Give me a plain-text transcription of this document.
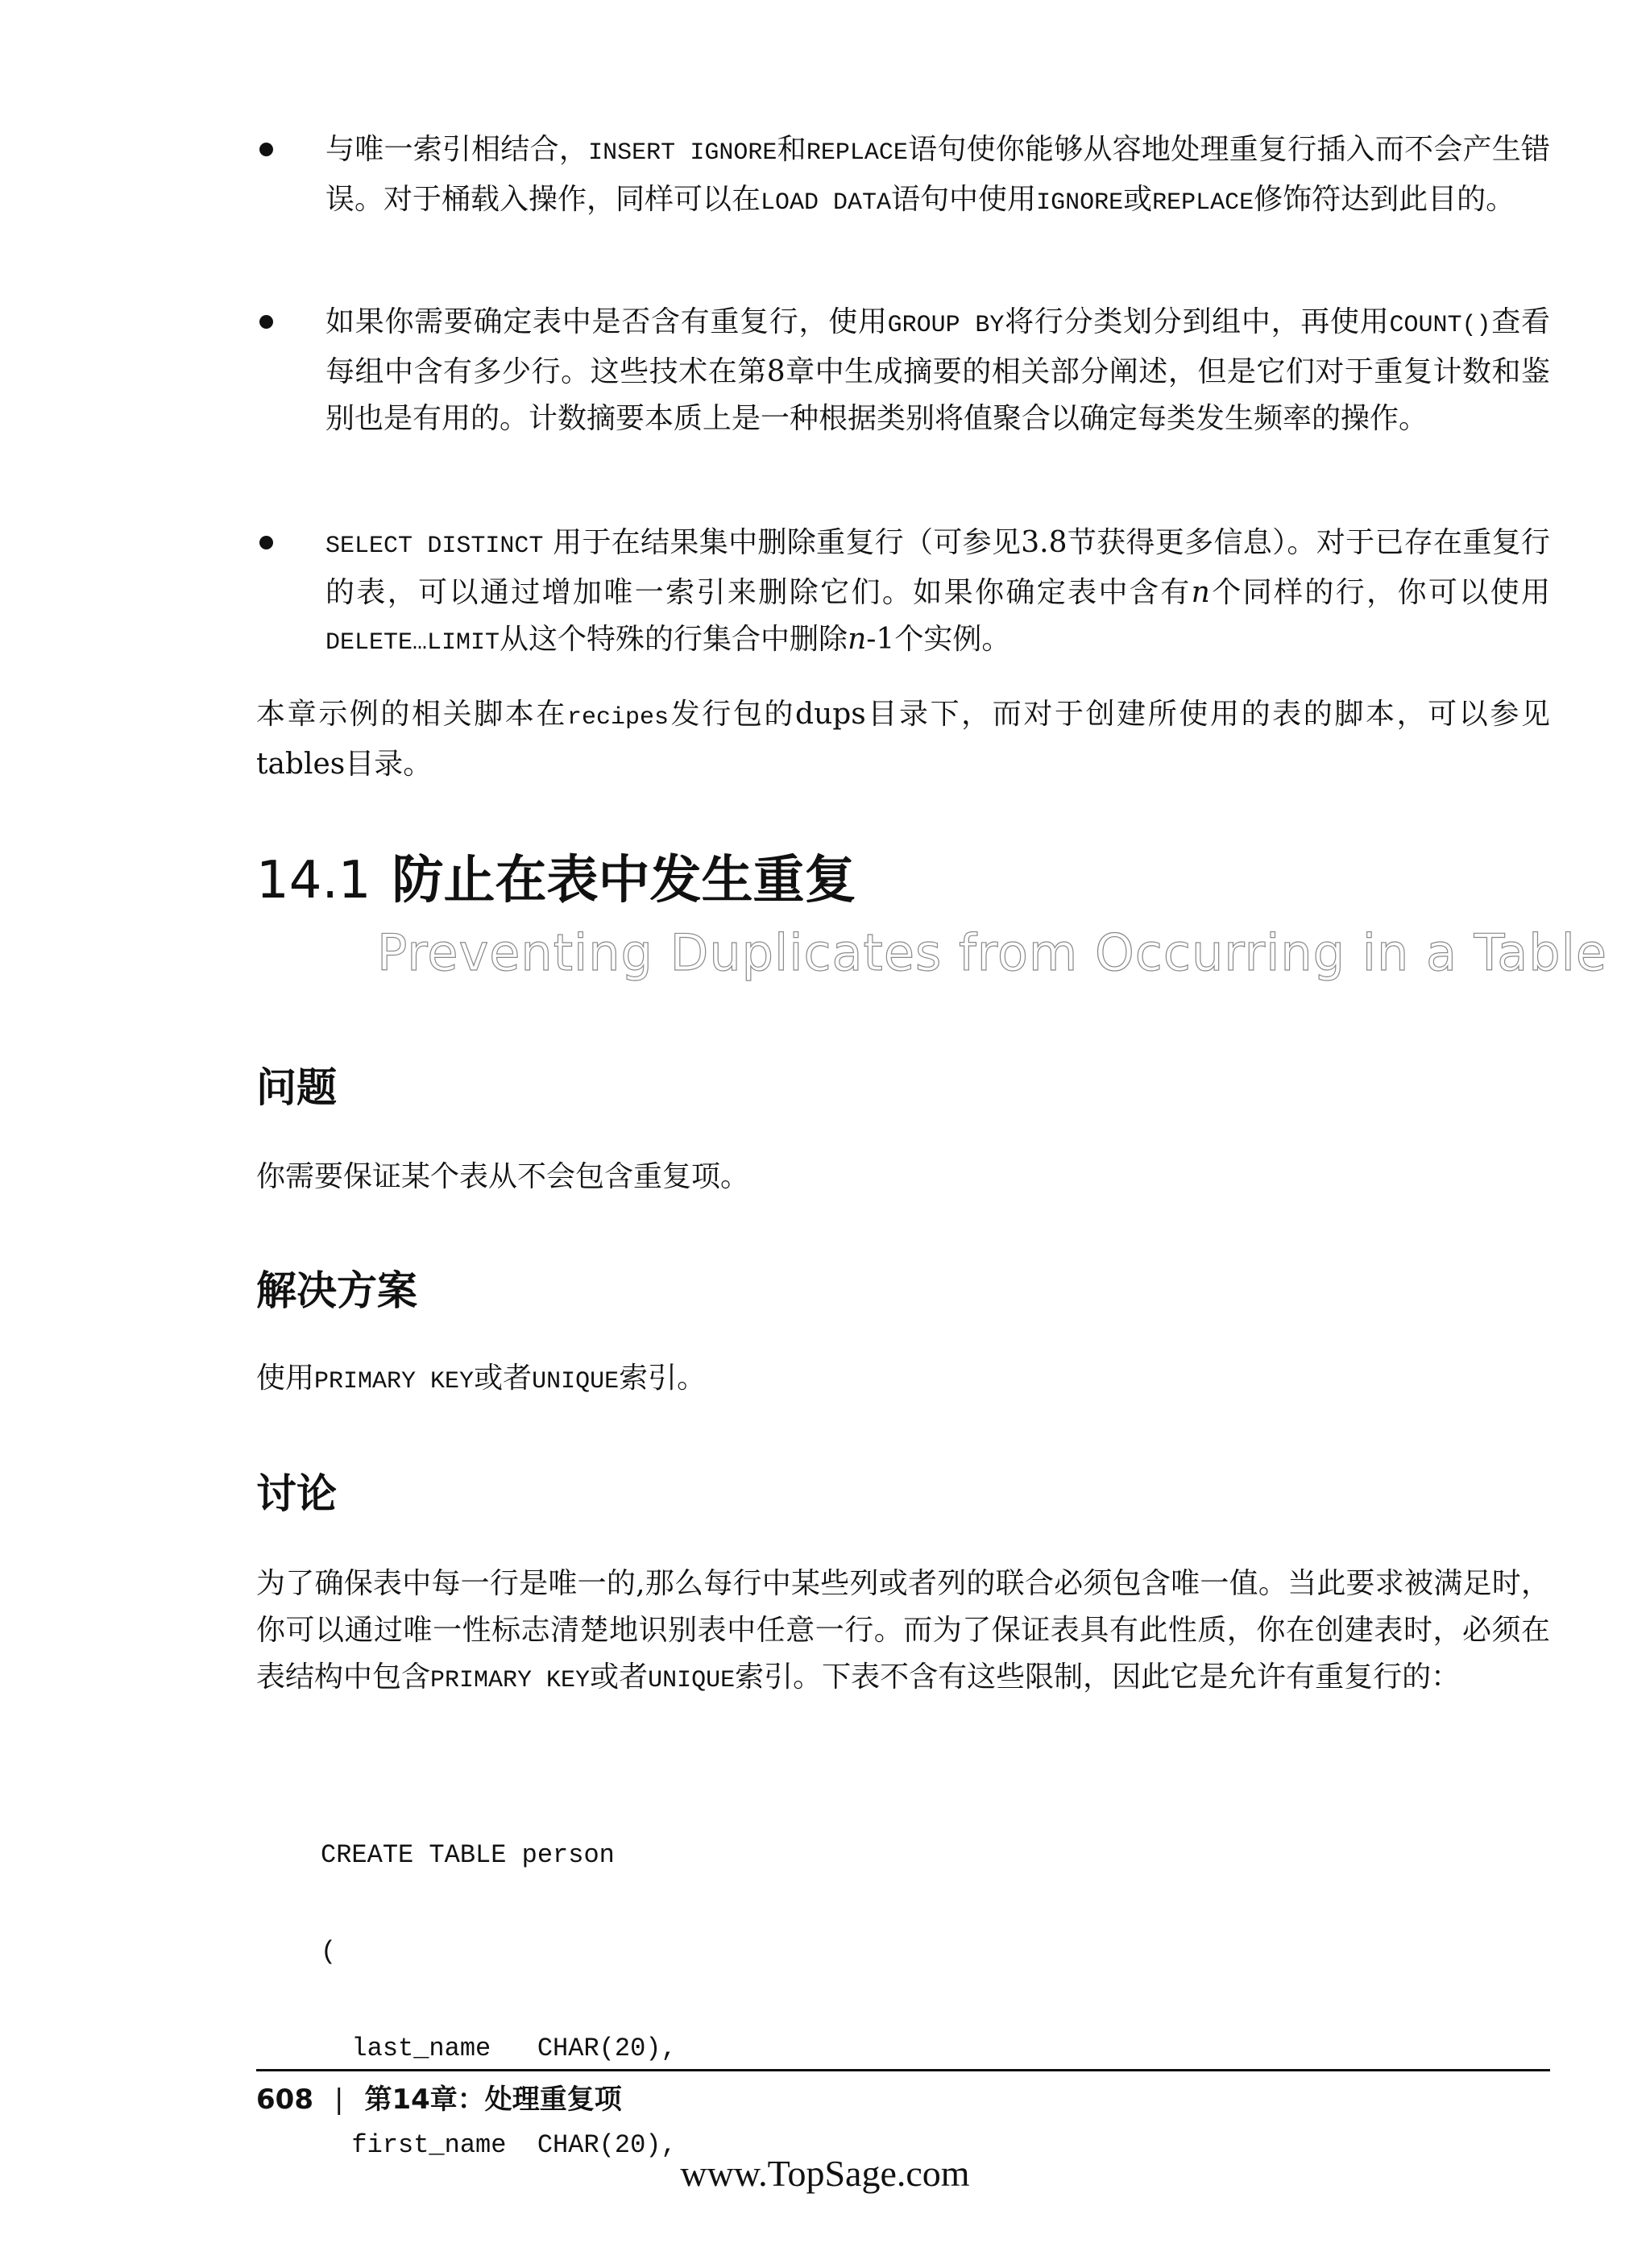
与唯一索引相结合，INSERT IGNORE和REPLACE语句使你能够从容地处理重复行插入而不会产生错误。对于桶载入操作，同样可以在LOAD DATA语句中使用IGNORE或REPLACE修饰符达到此目的。
如果你需要确定表中是否含有重复行，使用GROUP BY将行分类划分到组中，再使用COUNT()查看每组中含有多少行。这些技术在第8章中生成摘要的相关部分阐述，但是它们对于重复计数和鉴别也是有用的。计数摘要本质上是一种根据类别将值聚合以确定每类发生频率的操作。
SELECT DISTINCT 用于在结果集中删除重复行（可参见3.8节获得更多信息）。对于已存在重复行的表，可以通过增加唯一索引来删除它们。如果你确定表中含有n个同样的行，你可以使用DELETE…LIMIT从这个特殊的行集合中删除n-1个实例。
本章示例的相关脚本在recipes发行包的dups目录下，而对于创建所使用的表的脚本，可以参见tables目录。
14.1 防止在表中发生重复
Preventing Duplicates from Occurring in a Table
问题
你需要保证某个表从不会包含重复项。
解决方案
使用PRIMARY KEY或者UNIQUE索引。
讨论
为了确保表中每一行是唯一的,那么每行中某些列或者列的联合必须包含唯一值。当此要求被满足时，你可以通过唯一性标志清楚地识别表中任意一行。而为了保证表具有此性质，你在创建表时，必须在表结构中包含PRIMARY KEY或者UNIQUE索引。下表不含有这些限制，因此它是允许有重复行的：

CREATE TABLE person

(

last_name   CHAR(20),

first_name  CHAR(20),

608 | 第14章：处理重复项
www.TopSage.com
